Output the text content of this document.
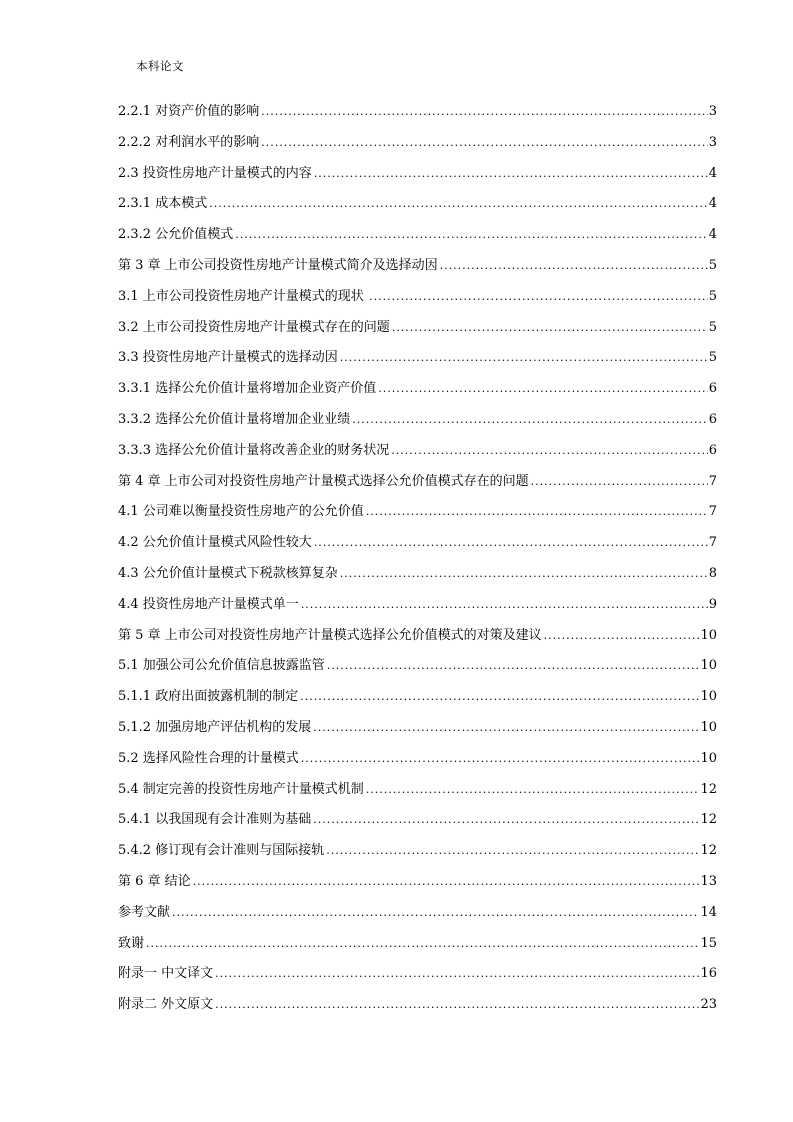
本科论文
2.2.1 对资产价值的影响 .....	3
2.2.2 对利润水平的影响 .....	3
2.3 投资性房地产计量模式的内容 .....	4
2.3.1 成本模式 .....	4
2.3.2 公允价值模式 .....	4
第 3 章 上市公司投资性房地产计量模式简介及选择动因 .....	5
3.1 上市公司投资性房地产计量模式的现状 .....	5
3.2 上市公司投资性房地产计量模式存在的问题 .....	5
3.3 投资性房地产计量模式的选择动因 .....	5
3.3.1 选择公允价值计量将增加企业资产价值 .....	6
3.3.2 选择公允价值计量将增加企业业绩 .....	6
3.3.3 选择公允价值计量将改善企业的财务状况 .....	6
第 4 章 上市公司对投资性房地产计量模式选择公允价值模式存在的问题 .....	7
4.1 公司难以衡量投资性房地产的公允价值 .....	7
4.2 公允价值计量模式风险性较大 .....	7
4.3 公允价值计量模式下税款核算复杂 .....	8
4.4 投资性房地产计量模式单一 .....	9
第 5 章 上市公司对投资性房地产计量模式选择公允价值模式的对策及建议 .....	10
5.1 加强公司公允价值信息披露监管 .....	10
5.1.1 政府出面披露机制的制定 .....	10
5.1.2 加强房地产评估机构的发展 .....	10
5.2 选择风险性合理的计量模式 .....	10
5.4 制定完善的投资性房地产计量模式机制 .....	12
5.4.1 以我国现有会计准则为基础 .....	12
5.4.2 修订现有会计准则与国际接轨 .....	12
第 6 章 结论 .....	13
参考文献 .....	14
致谢 .....	15
附录一 中文译文 .....	16
附录二 外文原文 .....	23
